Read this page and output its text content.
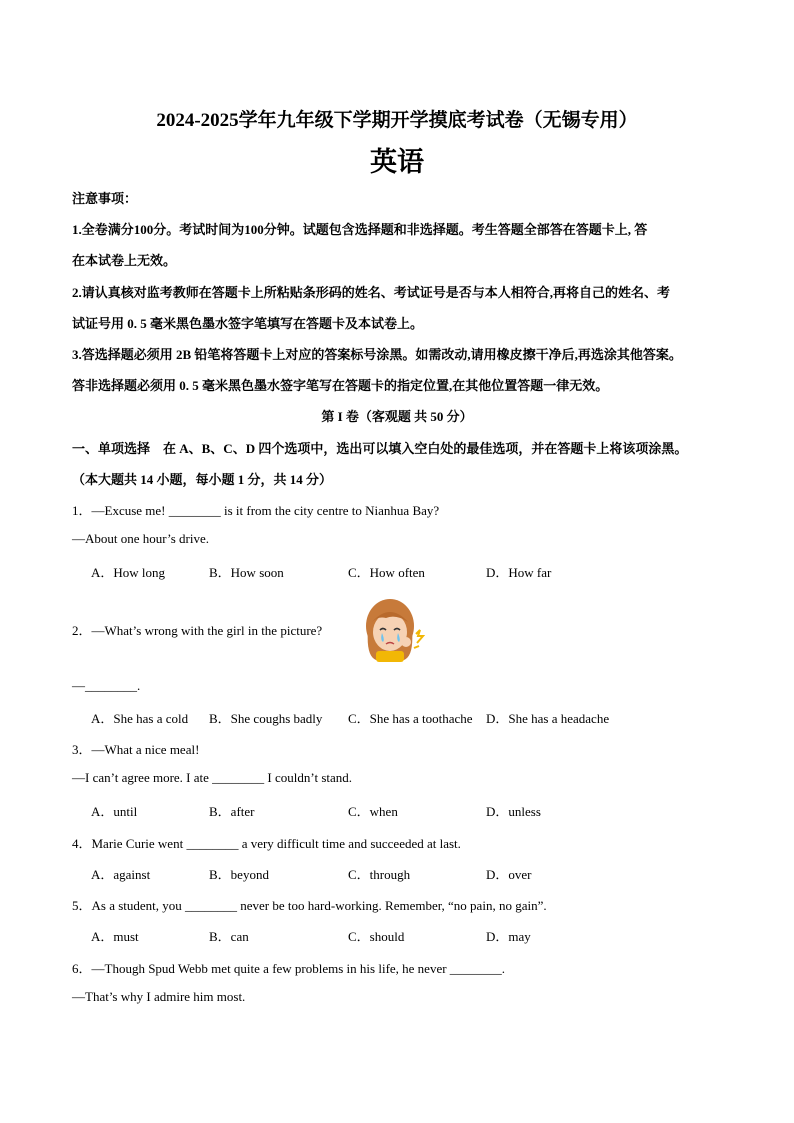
2024-2025学年九年级下学期开学摸底考试卷（无锡专用）
英语
注意事项：
1.全卷满分100分。考试时间为100分钟。试题包含选择题和非选择题。考生答题全部答在答题卡上, 答
在本试卷上无效。
2.请认真核对监考教师在答题卡上所粘贴条形码的姓名、考试证号是否与本人相符合,再将自己的姓名、考
试证号用 0. 5 毫米黑色墨水签字笔填写在答题卡及本试卷上。
3.答选择题必须用 2B 铅笔将答题卡上对应的答案标号涂黑。如需改动,请用橡皮擦干净后,再选涂其他答案。
答非选择题必须用 0. 5 毫米黑色墨水签字笔写在答题卡的指定位置,在其他位置答题一律无效。
第 I 卷（客观题 共 50 分）
一、单项选择　在 A、B、C、D 四个选项中，选出可以填入空白处的最佳选项，并在答题卡上将该项涂黑。
（本大题共 14 小题，每小题 1 分，共 14 分）
1．—Excuse me! ________ is it from the city centre to Nianhua Bay?
—About one hour’s drive.
A．How long	B．How soon	C．How often	D．How far
2．—What’s wrong with the girl in the picture?
—________.
A．She has a cold B．She coughs badly C．She has a toothache D．She has a headache
3．—What a nice meal!
—I can’t agree more. I ate ________ I couldn’t stand.
A．until	B．after	C．when	D．unless
4．Marie Curie went ________ a very difficult time and succeeded at last.
A．against	B．beyond	C．through	D．over
5．As a student, you ________ never be too hard-working. Remember, “no pain, no gain”.
A．must	B．can	C．should	D．may
6．—Though Spud Webb met quite a few problems in his life, he never ________.
—That’s why I admire him most.
